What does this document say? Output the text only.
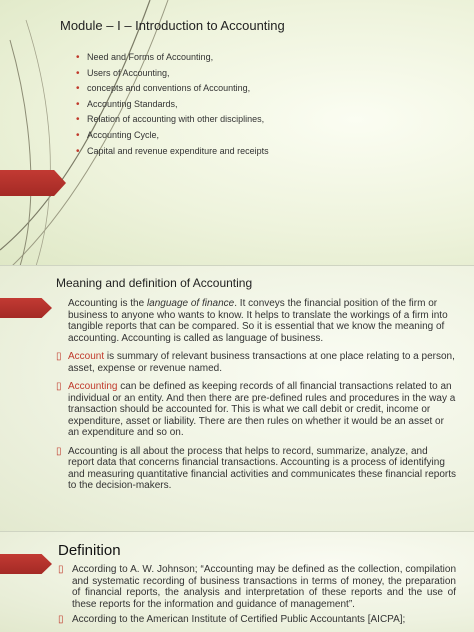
Module – I – Introduction to Accounting
• Need and Forms of Accounting,
• Users of Accounting,
• concepts and conventions of Accounting,
• Accounting Standards,
• Relation of accounting with other disciplines,
• Accounting Cycle,
• Capital and revenue expenditure and receipts
Meaning and definition of Accounting

Accounting is the language of finance. It conveys the financial position of the firm or business to anyone who wants to know. It helps to translate the workings of a firm into tangible reports that can be compared. So it is essential that we know the meaning of accounting. Accounting is called as language of business.

▯ Account is summary of relevant business transactions at one place relating to a person, asset, expense or revenue named.

▯ Accounting can be defined as keeping records of all financial transactions related to an individual or an entity. And then there are pre-defined rules and procedures in the way a transaction should be accounted for. This is what we call debit or credit, income or expenditure, asset or liability. There are then rules on whether it would be an asset or an expenditure and so on.

▯ Accounting is all about the process that helps to record, summarize, analyze, and report data that concerns financial transactions. Accounting is a process of identifying and measuring quantitative financial activities and communicates these financial reports to the decision-makers.

Definition

▯ According to A. W. Johnson; “Accounting may be defined as the collection, compilation and systematic recording of business transactions in terms of money, the preparation of financial reports, the analysis and interpretation of these reports and the use of these reports for the information and guidance of management”.

▯ According to the American Institute of Certified Public Accountants [AICPA];
